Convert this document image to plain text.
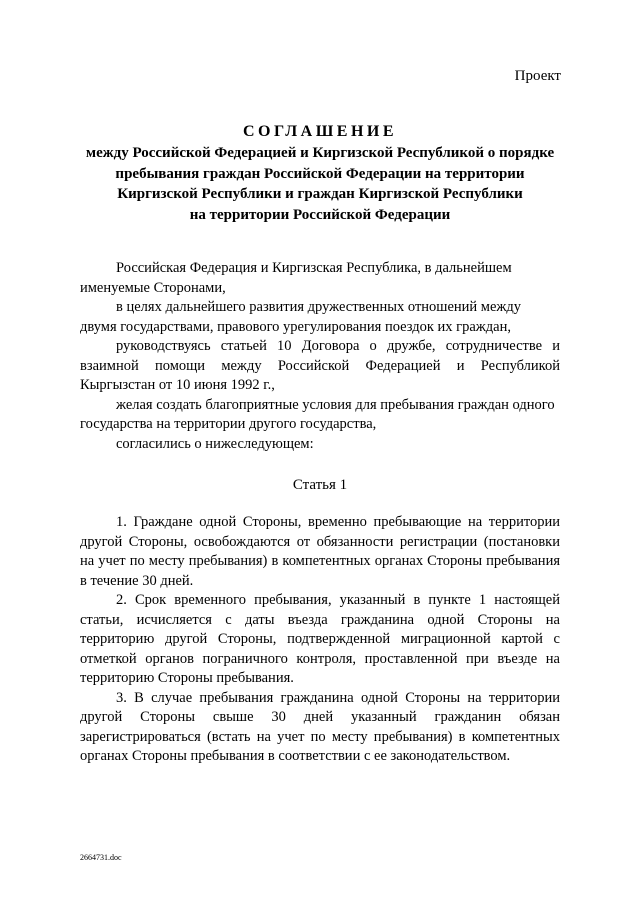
Проект
СОГЛАШЕНИЕ
между Российской Федерацией и Киргизской Республикой о порядке
пребывания граждан Российской Федерации на территории
Киргизской Республики и граждан Киргизской Республики
на территории Российской Федерации

Российская Федерация и Киргизская Республика, в дальнейшем именуемые Сторонами,

в целях дальнейшего развития дружественных отношений между двумя государствами, правового урегулирования поездок их граждан,

руководствуясь статьей 10 Договора о дружбе, сотрудничестве и взаимной помощи между Российской Федерацией и Республикой Кыргызстан от 10 июня 1992 г.,

желая создать благоприятные условия для пребывания граждан одного государства на территории другого государства,

согласились о нижеследующем:

Статья 1
1. Граждане одной Стороны, временно пребывающие на территории другой Стороны, освобождаются от обязанности регистрации (постановки на учет по месту пребывания) в компетентных органах Стороны пребывания в течение 30 дней.
2. Срок временного пребывания, указанный в пункте 1 настоящей статьи, исчисляется с даты въезда гражданина одной Стороны на территорию другой Стороны, подтвержденной миграционной картой с отметкой органов пограничного контроля, проставленной при въезде на территорию Стороны пребывания.
3. В случае пребывания гражданина одной Стороны на территории другой Стороны свыше 30 дней указанный гражданин обязан зарегистрироваться (встать на учет по месту пребывания) в компетентных органах Стороны пребывания в соответствии с ее законодательством.
2664731.doc
